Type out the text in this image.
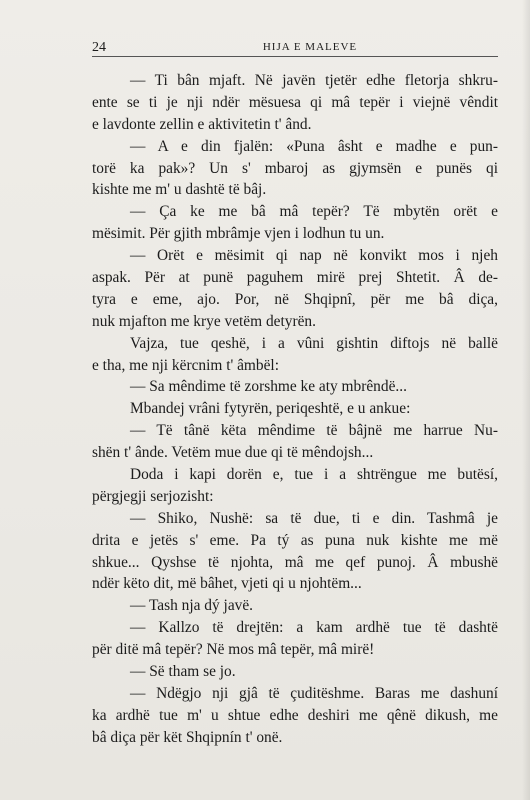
24	HIJA E MALEVE
— Ti bân mjaft. Në javën tjetër edhe fletorja shkru-
ente se ti je nji ndër mësuesa qi mâ tepër i viejnë vêndit
e lavdonte zellin e aktivitetin t' ând.
— A e din fjalën: «Puna âsht e madhe e pun-
torë ka pak»? Un s' mbaroj as gjymsën e punës qi
kishte me m' u dashtë të bâj.
— Ça ke me bâ mâ tepër? Të mbytën orët e
mësimit. Për gjith mbrâmje vjen i lodhun tu un.
— Orët e mësimit qi nap në konvikt mos i njeh
aspak. Për at punë paguhem mirë prej Shtetit. Â de-
tyra e eme, ajo. Por, në Shqipnî, për me bâ diça,
nuk mjafton me krye vetëm detyrën.
Vajza, tue qeshë, i a vûni gishtin diftojs në ballë
e tha, me nji kërcnim t' âmbël:
— Sa mêndime të zorshme ke aty mbrêndë...
Mbandej vrâni fytyrën, periqeshtë, e u ankue:
— Të tânë këta mêndime të bâjnë me harrue Nu-
shën t' ânde. Vetëm mue due qi të mêndojsh...
Doda i kapi dorën e, tue i a shtrëngue me butësí,
përgjegji serjozisht:
— Shiko, Nushë: sa të due, ti e din. Tashmâ je
drita e jetës s' eme. Pa tý as puna nuk kishte me më
shkue... Qyshse të njohta, mâ me qef punoj. Â mbushë
ndër këto dit, më bâhet, vjeti qi u njohtëm...
— Tash nja dý javë.
— Kallzo të drejtën: a kam ardhë tue të dashtë
për ditë mâ tepër? Në mos mâ tepër, mâ mirë!
— Së tham se jo.
— Ndëgjo nji gjâ të çuditëshme. Baras me dashuní
ka ardhë tue m' u shtue edhe deshiri me qênë dikush, me
bâ diça për kët Shqipnín t' onë.
